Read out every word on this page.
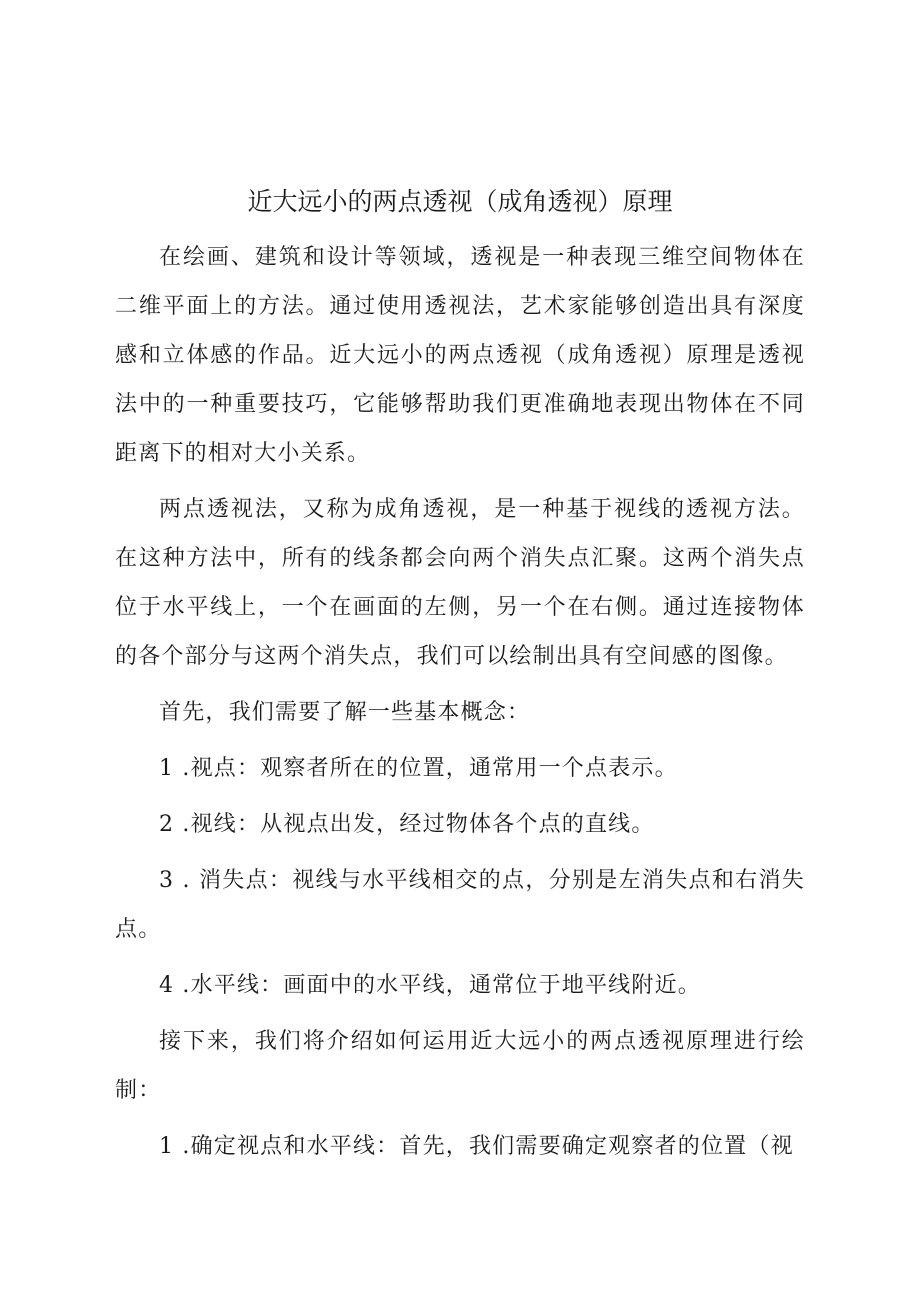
近大远小的两点透视（成角透视）原理

在绘画、建筑和设计等领域，透视是一种表现三维空间物体在二维平面上的方法。通过使用透视法，艺术家能够创造出具有深度感和立体感的作品。近大远小的两点透视（成角透视）原理是透视法中的一种重要技巧，它能够帮助我们更准确地表现出物体在不同距离下的相对大小关系。

两点透视法，又称为成角透视，是一种基于视线的透视方法。在这种方法中，所有的线条都会向两个消失点汇聚。这两个消失点位于水平线上，一个在画面的左侧，另一个在右侧。通过连接物体的各个部分与这两个消失点，我们可以绘制出具有空间感的图像。

首先，我们需要了解一些基本概念：

1 .视点：观察者所在的位置，通常用一个点表示。

2 .视线：从视点出发，经过物体各个点的直线。

3 . 消失点：视线与水平线相交的点，分别是左消失点和右消失点。

4 .水平线：画面中的水平线，通常位于地平线附近。

接下来，我们将介绍如何运用近大远小的两点透视原理进行绘制：

1 .确定视点和水平线：首先，我们需要确定观察者的位置（视
